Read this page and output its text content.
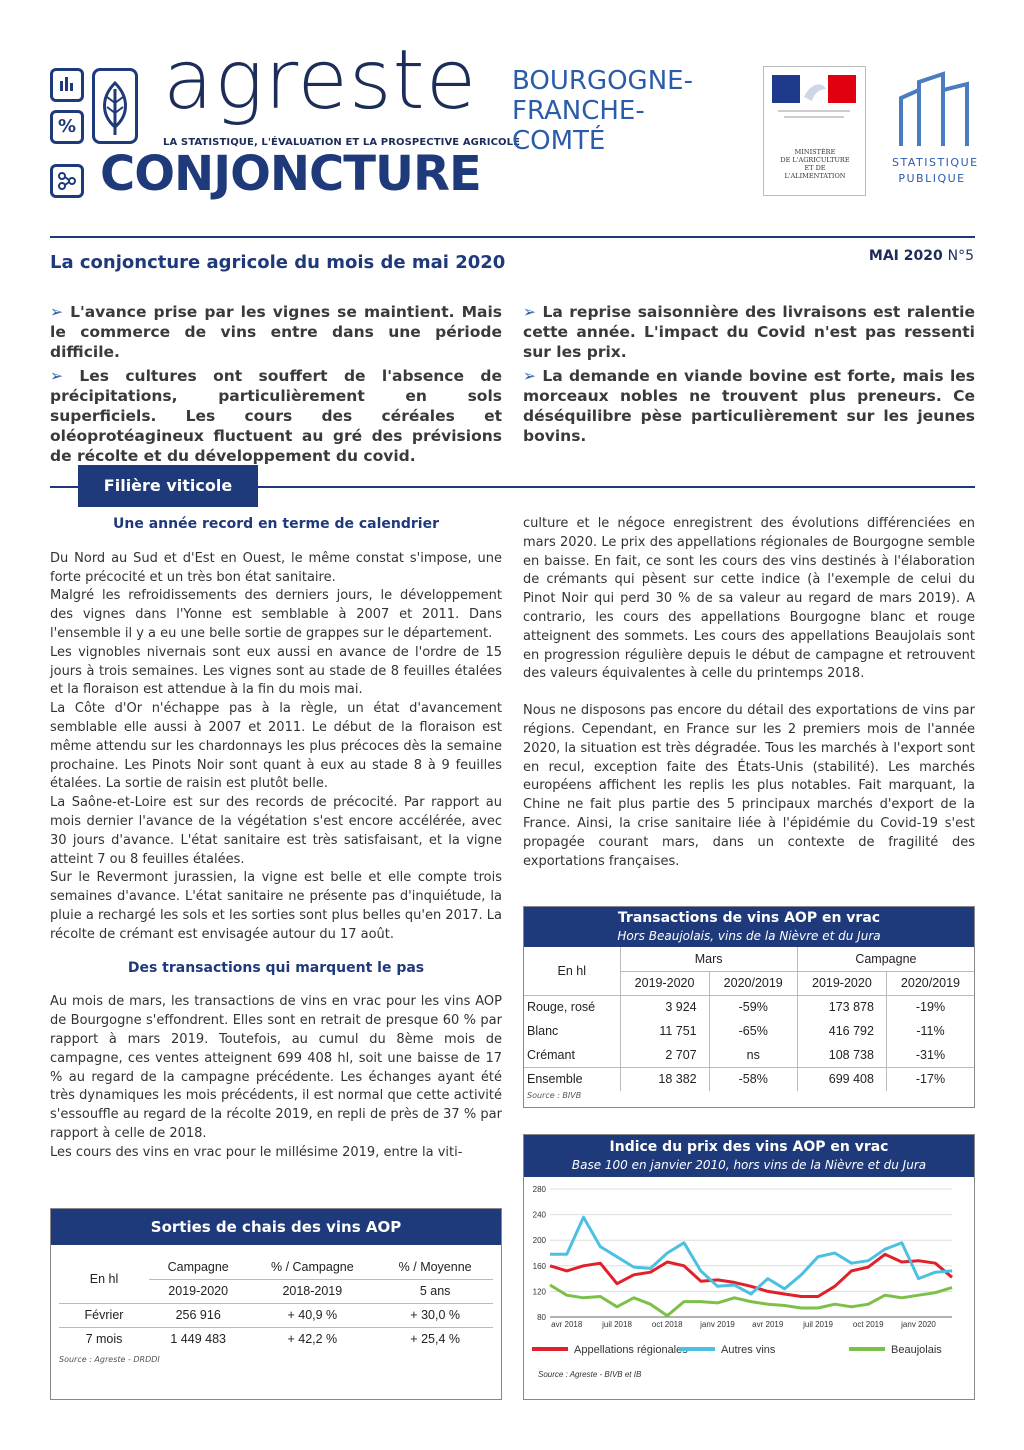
% agreste
LA STATISTIQUE, L'ÉVALUATION ET LA PROSPECTIVE AGRICOLE
CONJONCTURE
BOURGOGNE-
FRANCHE-
COMTÉ	MINISTÈRE
DE L'AGRICULTURE
ET DE
L'ALIMENTATION
STATISTIQUE
PUBLIQUE
La conjoncture agricole du mois de mai 2020	MAI 2020 N°5

➢ L'avance prise par les vignes se maintient. Mais le commerce de vins entre dans une période difficile.

➢ Les cultures ont souffert de l'absence de précipitations, particulièrement en sols superficiels. Les cours des céréales et oléoprotéagineux fluctuent au gré des prévisions de récolte et du développement du covid.

➢ La reprise saisonnière des livraisons est ralentie cette année. L'impact du Covid n'est pas ressenti sur les prix.

➢ La demande en viande bovine est forte, mais les morceaux nobles ne trouvent plus preneurs. Ce déséquilibre pèse particulièrement sur les jeunes bovins.

Filière viticole
Une année record en terme de calendrier

Du Nord au Sud et d'Est en Ouest, le même constat s'impose, une forte précocité et un très bon état sanitaire.

Malgré les refroidissements des derniers jours, le développement des vignes dans l'Yonne est semblable à 2007 et 2011. Dans l'ensemble il y a eu une belle sortie de grappes sur le département.

Les vignobles nivernais sont eux aussi en avance de l'ordre de 15 jours à trois semaines. Les vignes sont au stade de 8 feuilles étalées et la floraison est attendue à la fin du mois mai.

La Côte d'Or n'échappe pas à la règle, un état d'avancement semblable elle aussi à 2007 et 2011. Le début de la floraison est même attendu sur les chardonnays les plus précoces dès la semaine prochaine. Les Pinots Noir sont quant à eux au stade 8 à 9 feuilles étalées. La sortie de raisin est plutôt belle.

La Saône-et-Loire est sur des records de précocité. Par rapport au mois dernier l'avance de la végétation s'est encore accélérée, avec 30 jours d'avance. L'état sanitaire est très satisfaisant, et la vigne atteint 7 ou 8 feuilles étalées.

Sur le Revermont jurassien, la vigne est belle et elle compte trois semaines d'avance. L'état sanitaire ne présente pas d'inquiétude, la pluie a rechargé les sols et les sorties sont plus belles qu'en 2017. La récolte de crémant est envisagée autour du 17 août.

Des transactions qui marquent le pas

Au mois de mars, les transactions de vins en vrac pour les vins AOP de Bourgogne s'effondrent. Elles sont en retrait de presque 60 % par rapport à mars 2019. Toutefois, au cumul du 8ème mois de campagne, ces ventes atteignent 699 408 hl, soit une baisse de 17 % au regard de la campagne précédente. Les échanges ayant été très dynamiques les mois précédents, il est normal que cette activité s'essouffle au regard de la récolte 2019, en repli de près de 37 % par rapport à celle de 2018.

Les cours des vins en vrac pour le millésime 2019, entre la viti-

culture et le négoce enregistrent des évolutions différenciées en mars 2020. Le prix des appellations régionales de Bourgogne semble en baisse. En fait, ce sont les cours des vins destinés à l'élaboration de crémants qui pèsent sur cette indice (à l'exemple de celui du Pinot Noir qui perd 30 % de sa valeur au regard de mars 2019). A contrario, les cours des appellations Bourgogne blanc et rouge atteignent des sommets. Les cours des appellations Beaujolais sont en progression régulière depuis le début de campagne et retrouvent des valeurs équivalentes à celle du printemps 2018.

Nous ne disposons pas encore du détail des exportations de vins par régions. Cependant, en France sur les 2 premiers mois de l'année 2020, la situation est très dégradée. Tous les marchés à l'export sont en recul, exception faite des États-Unis (stabilité). Les marchés européens affichent les replis les plus notables. Fait marquant, la Chine ne fait plus partie des 5 principaux marchés d'export de la France. Ainsi, la crise sanitaire liée à l'épidémie du Covid-19 s'est propagée courant mars, dans un contexte de fragilité des exportations françaises.

Sorties de chais des vins AOP
En hl	Campagne	% / Campagne	% / Moyenne
	2019-2020	2018-2019	5 ans
Février	256 916	+ 40,9 %	+ 30,0 %
7 mois	1 449 483	+ 42,2 %	+ 25,4 %
Source : Agreste - DRDDI
Transactions de vins AOP en vrac
Hors Beaujolais, vins de la Nièvre et du Jura
En hl	Mars		Campagne	
	2019-2020	2020/2019	2019-2020	2020/2019
Rouge, rosé	3 924	-59%	173 878	-19%
Blanc	11 751	-65%	416 792	-11%
Crémant	2 707	ns	108 738	-31%
Ensemble	18 382	-58%	699 408	-17%
Source : BIVB
Indice du prix des vins AOP en vrac
Base 100 en janvier 2010, hors vins de la Nièvre et du Jura
80
120
160
200
240
280
avr 2018 juil 2018 oct 2018 janv 2019 avr 2019 juil 2019 oct 2019 janv 2020
Appellations régionales	Autres vins	Beaujolais
Source : Agreste - BIVB et IB
